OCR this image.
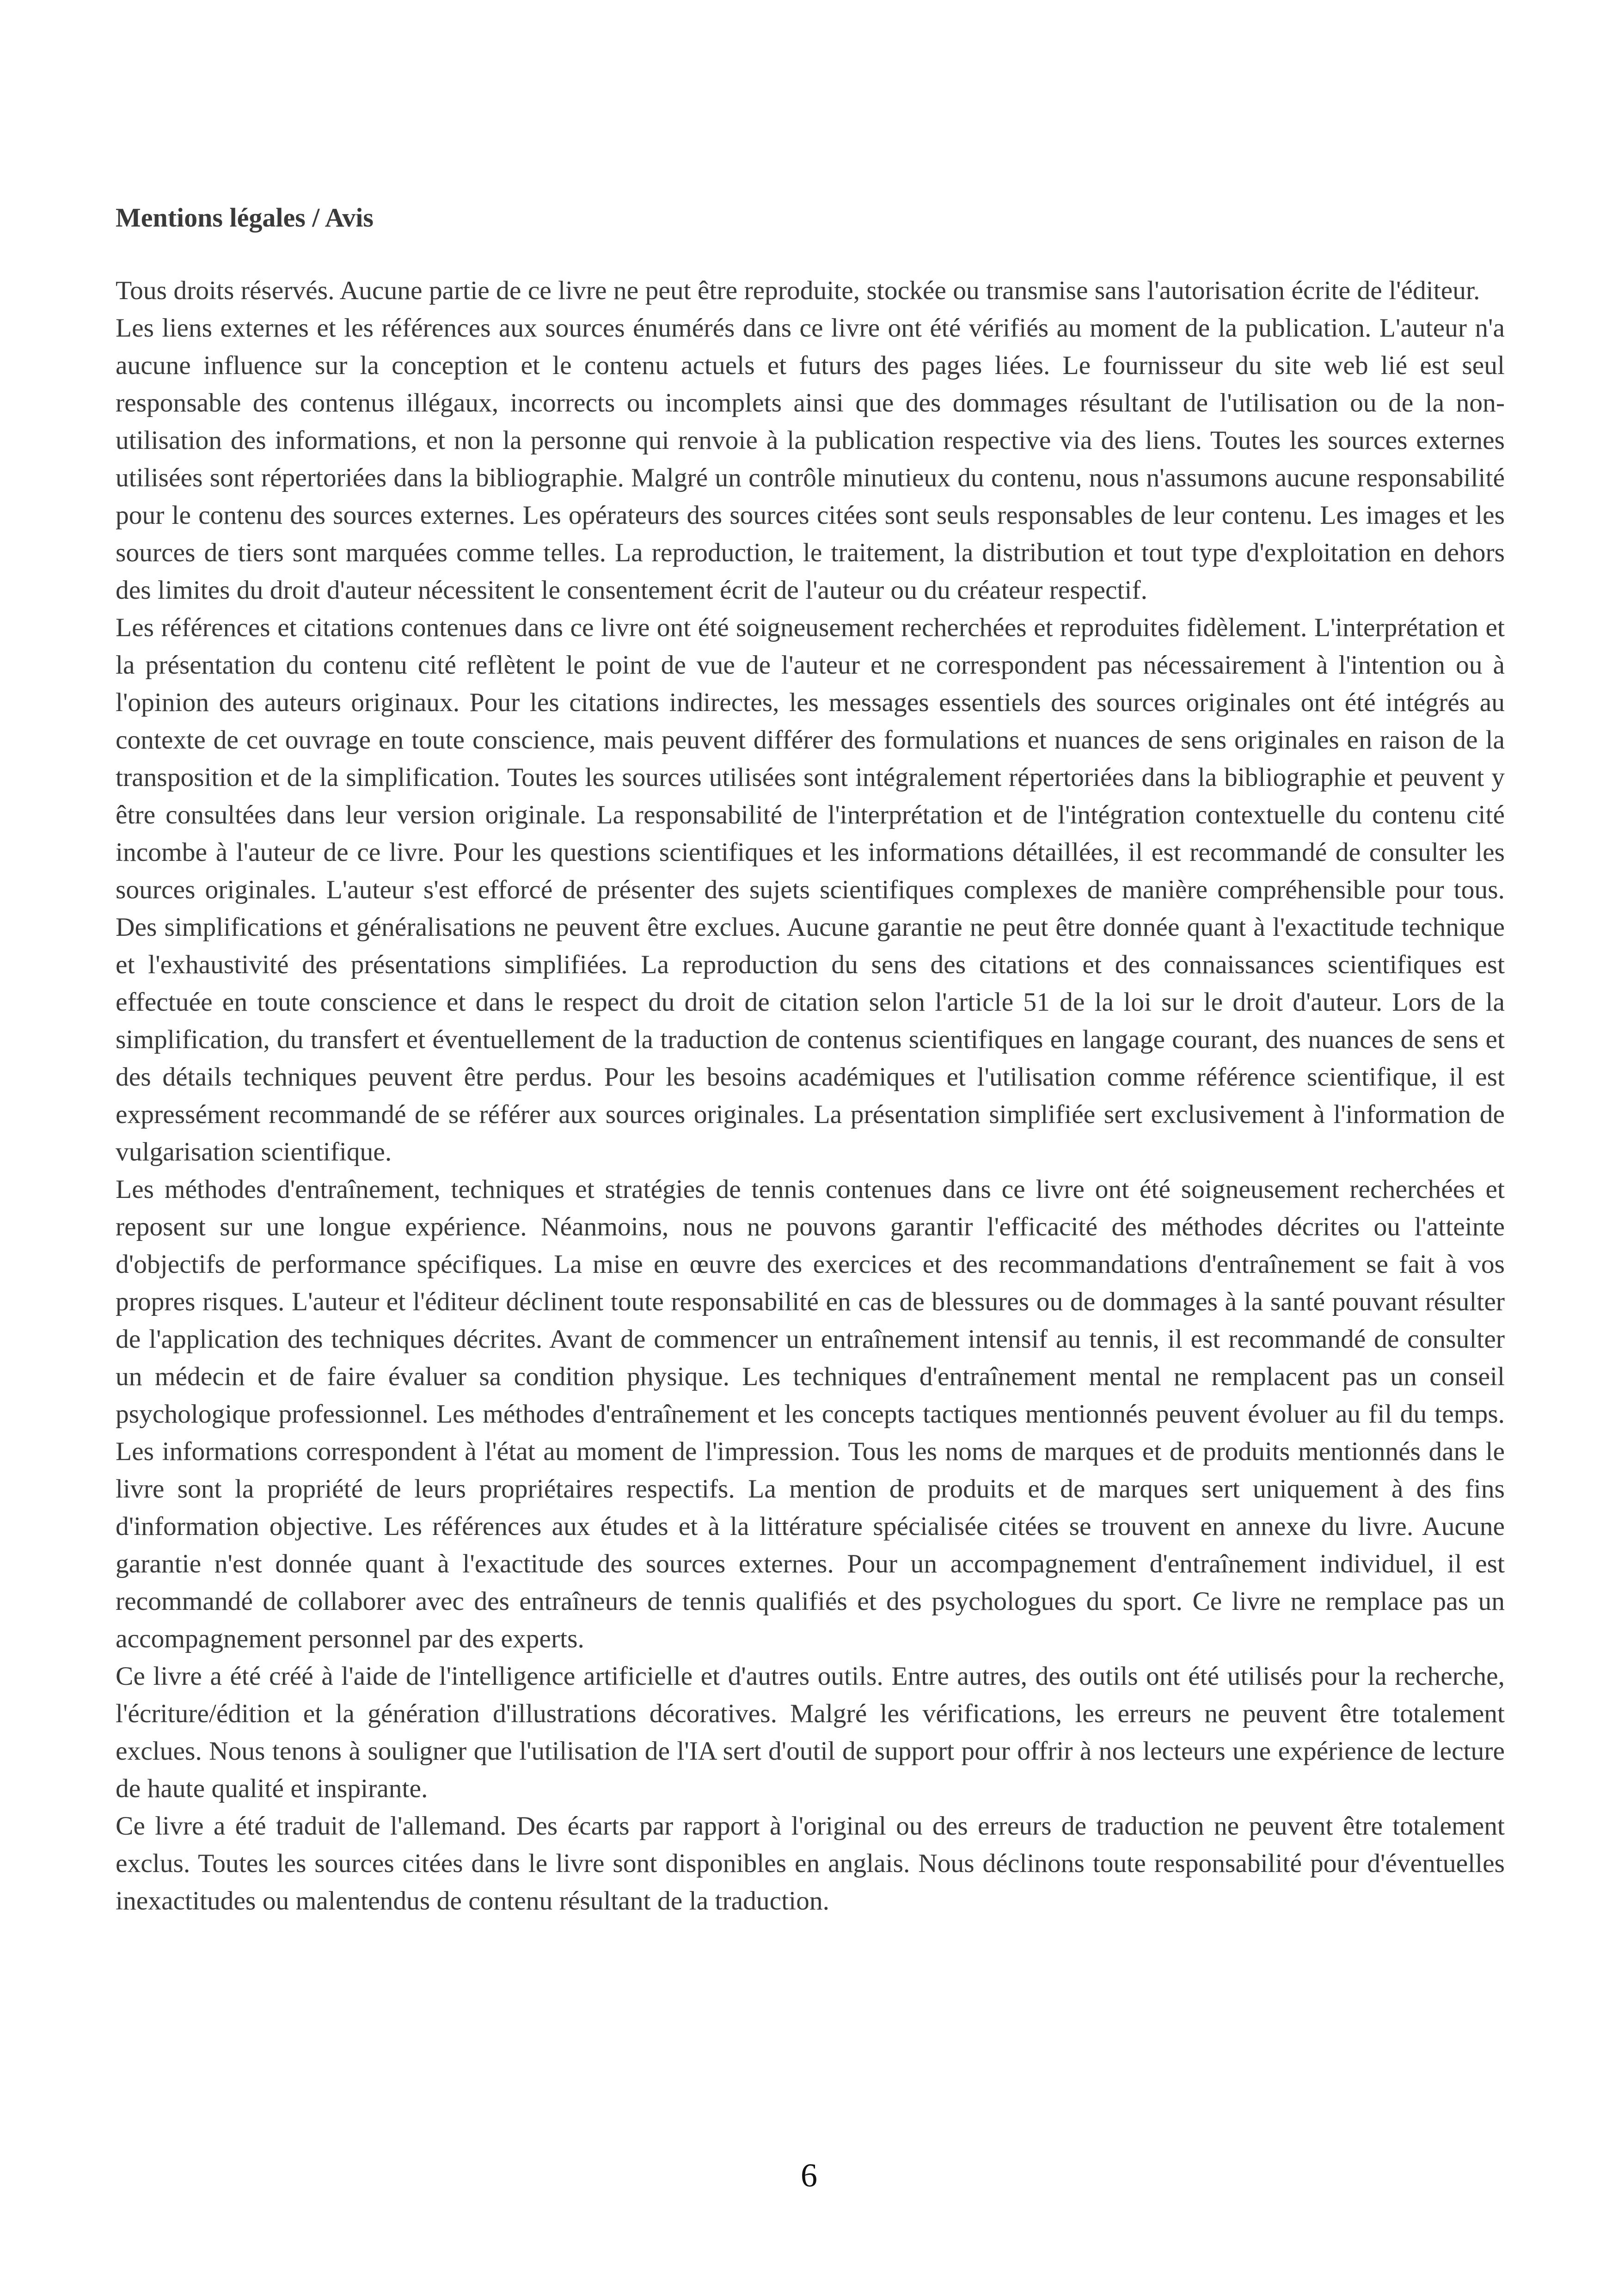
Mentions légales / Avis

Tous droits réservés. Aucune partie de ce livre ne peut être reproduite, stockée ou transmise sans l'autorisation écrite de l'éditeur.

Les liens externes et les références aux sources énumérés dans ce livre ont été vérifiés au moment de la publication. L'auteur n'a aucune influence sur la conception et le contenu actuels et futurs des pages liées. Le fournisseur du site web lié est seul responsable des contenus illégaux, incorrects ou incomplets ainsi que des dommages résultant de l'utilisation ou de la non-utilisation des informations, et non la personne qui renvoie à la publication respective via des liens. Toutes les sources externes utilisées sont répertoriées dans la bibliographie. Malgré un contrôle minutieux du contenu, nous n'assumons aucune responsabilité pour le contenu des sources externes. Les opérateurs des sources citées sont seuls responsables de leur contenu. Les images et les sources de tiers sont marquées comme telles. La reproduction, le traitement, la distribution et tout type d'exploitation en dehors des limites du droit d'auteur nécessitent le consentement écrit de l'auteur ou du créateur respectif.

Les références et citations contenues dans ce livre ont été soigneusement recherchées et reproduites fidèlement. L'interprétation et la présentation du contenu cité reflètent le point de vue de l'auteur et ne correspondent pas nécessairement à l'intention ou à l'opinion des auteurs originaux. Pour les citations indirectes, les messages essentiels des sources originales ont été intégrés au contexte de cet ouvrage en toute conscience, mais peuvent différer des formulations et nuances de sens originales en raison de la transposition et de la simplification. Toutes les sources utilisées sont intégralement répertoriées dans la bibliographie et peuvent y être consultées dans leur version originale. La responsabilité de l'interprétation et de l'intégration contextuelle du contenu cité incombe à l'auteur de ce livre. Pour les questions scientifiques et les informations détaillées, il est recommandé de consulter les sources originales. L'auteur s'est efforcé de présenter des sujets scientifiques complexes de manière compréhensible pour tous. Des simplifications et généralisations ne peuvent être exclues. Aucune garantie ne peut être donnée quant à l'exactitude technique et l'exhaustivité des présentations simplifiées. La reproduction du sens des citations et des connaissances scientifiques est effectuée en toute conscience et dans le respect du droit de citation selon l'article 51 de la loi sur le droit d'auteur. Lors de la simplification, du transfert et éventuellement de la traduction de contenus scientifiques en langage courant, des nuances de sens et des détails techniques peuvent être perdus. Pour les besoins académiques et l'utilisation comme référence scientifique, il est expressément recommandé de se référer aux sources originales. La présentation simplifiée sert exclusivement à l'information de vulgarisation scientifique.

Les méthodes d'entraînement, techniques et stratégies de tennis contenues dans ce livre ont été soigneusement recherchées et reposent sur une longue expérience. Néanmoins, nous ne pouvons garantir l'efficacité des méthodes décrites ou l'atteinte d'objectifs de performance spécifiques. La mise en œuvre des exercices et des recommandations d'entraînement se fait à vos propres risques. L'auteur et l'éditeur déclinent toute responsabilité en cas de blessures ou de dommages à la santé pouvant résulter de l'application des techniques décrites. Avant de commencer un entraînement intensif au tennis, il est recommandé de consulter un médecin et de faire évaluer sa condition physique. Les techniques d'entraînement mental ne remplacent pas un conseil psychologique professionnel. Les méthodes d'entraînement et les concepts tactiques mentionnés peuvent évoluer au fil du temps. Les informations correspondent à l'état au moment de l'impression. Tous les noms de marques et de produits mentionnés dans le livre sont la propriété de leurs propriétaires respectifs. La mention de produits et de marques sert uniquement à des fins d'information objective. Les références aux études et à la littérature spécialisée citées se trouvent en annexe du livre. Aucune garantie n'est donnée quant à l'exactitude des sources externes. Pour un accompagnement d'entraînement individuel, il est recommandé de collaborer avec des entraîneurs de tennis qualifiés et des psychologues du sport. Ce livre ne remplace pas un accompagnement personnel par des experts.

Ce livre a été créé à l'aide de l'intelligence artificielle et d'autres outils. Entre autres, des outils ont été utilisés pour la recherche, l'écriture/édition et la génération d'illustrations décoratives. Malgré les vérifications, les erreurs ne peuvent être totalement exclues. Nous tenons à souligner que l'utilisation de l'IA sert d'outil de support pour offrir à nos lecteurs une expérience de lecture de haute qualité et inspirante.

Ce livre a été traduit de l'allemand. Des écarts par rapport à l'original ou des erreurs de traduction ne peuvent être totalement exclus. Toutes les sources citées dans le livre sont disponibles en anglais. Nous déclinons toute responsabilité pour d'éventuelles inexactitudes ou malentendus de contenu résultant de la traduction.

6
